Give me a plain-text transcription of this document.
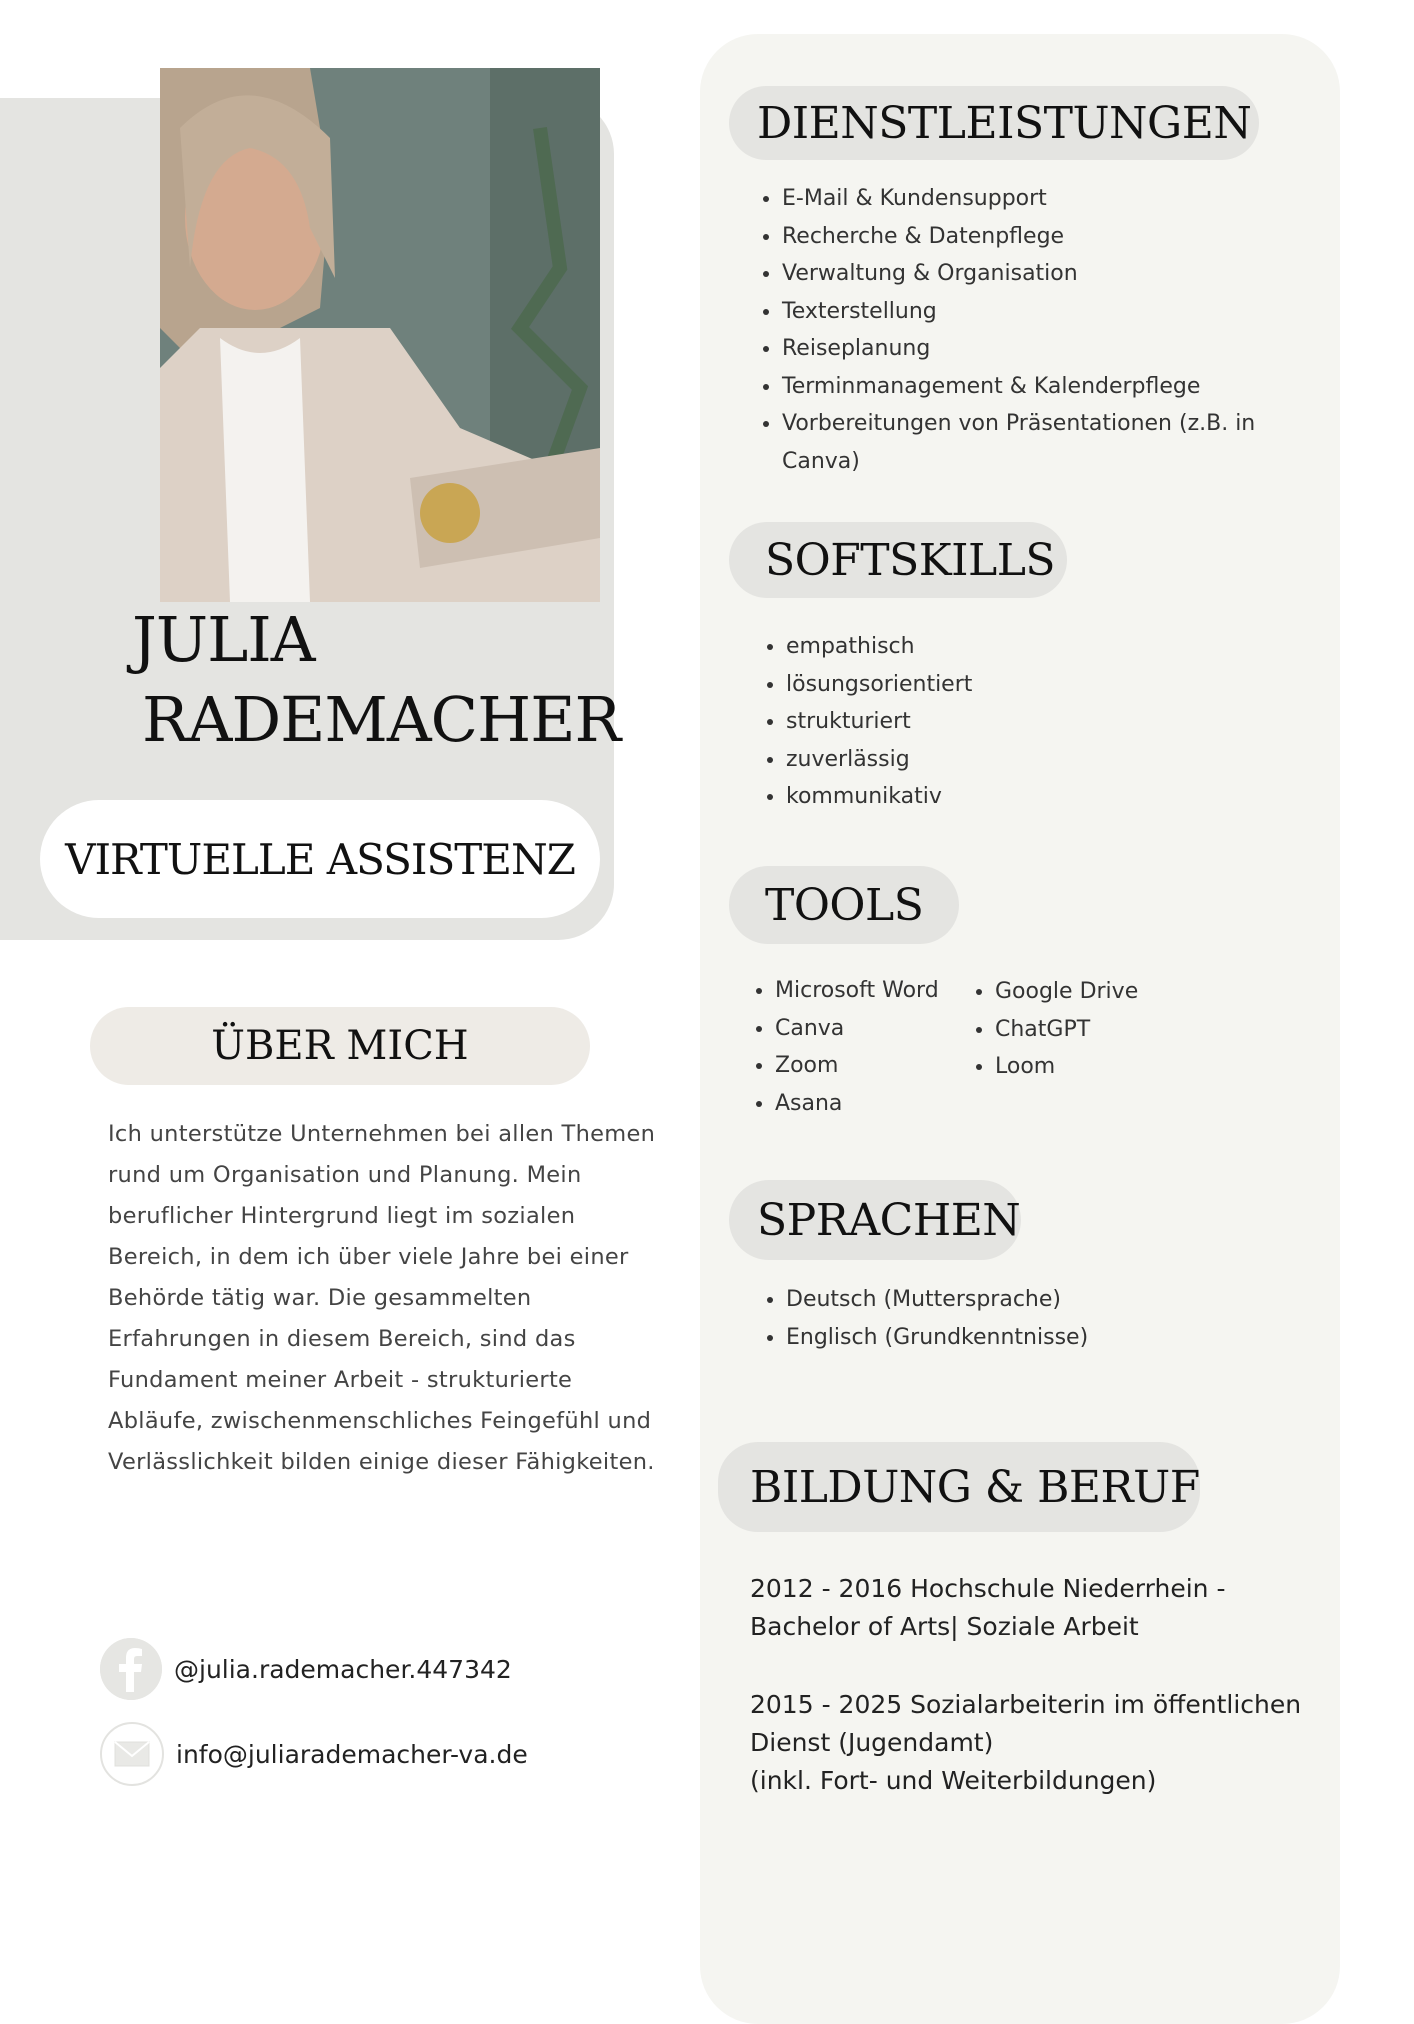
JULIA
RADEMACHER
VIRTUELLE ASSISTENZ
ÜBER MICH

Ich unterstütze Unternehmen bei allen Themen rund um Organisation und Planung. Mein beruflicher Hintergrund liegt im sozialen Bereich, in dem ich über viele Jahre bei einer Behörde tätig war. Die gesammelten Erfahrungen in diesem Bereich, sind das Fundament meiner Arbeit - strukturierte Abläufe, zwischenmenschliches Feingefühl und Verlässlichkeit bilden einige dieser Fähigkeiten.

@julia.rademacher.447342
info@juliarademacher-va.de
DIENSTLEISTUNGEN
• E-Mail & Kundensupport
• Recherche & Datenpflege
• Verwaltung & Organisation
• Texterstellung
• Reiseplanung
• Terminmanagement & Kalenderpflege
• Vorbereitungen von Präsentationen (z.B. in Canva)
SOFTSKILLS
• empathisch
• lösungsorientiert
• strukturiert
• zuverlässig
• kommunikativ
TOOLS
• Microsoft Word
• Canva
• Zoom
• Asana
• Google Drive
• ChatGPT
• Loom
SPRACHEN
• Deutsch (Muttersprache)
• Englisch (Grundkenntnisse)
BILDUNG & BERUF
2012 - 2016 Hochschule Niederrhein -
Bachelor of Arts| Soziale Arbeit
2015 - 2025 Sozialarbeiterin im öffentlichen
Dienst (Jugendamt)
(inkl. Fort- und Weiterbildungen)
